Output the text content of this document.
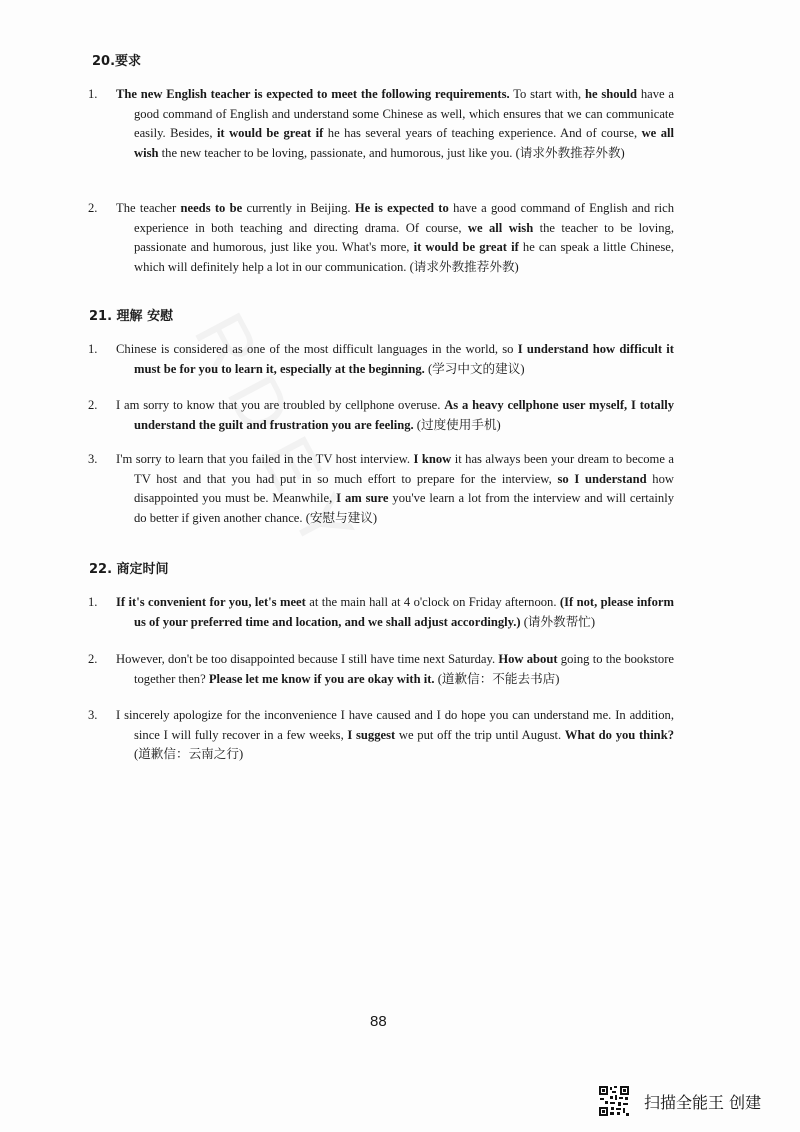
20.要求
1. The new English teacher is expected to meet the following requirements. To start with, he should have a good command of English and understand some Chinese as well, which ensures that we can communicate easily. Besides, it would be great if he has several years of teaching experience. And of course, we all wish the new teacher to be loving, passionate, and humorous, just like you. (请求外教推荐外教)
2. The teacher needs to be currently in Beijing. He is expected to have a good command of English and rich experience in both teaching and directing drama. Of course, we all wish the teacher to be loving, passionate and humorous, just like you. What's more, it would be great if he can speak a little Chinese, which will definitely help a lot in our communication. (请求外教推荐外教)
21. 理解 安慰
1. Chinese is considered as one of the most difficult languages in the world, so I understand how difficult it must be for you to learn it, especially at the beginning. (学习中文的建议)
2. I am sorry to know that you are troubled by cellphone overuse. As a heavy cellphone user myself, I totally understand the guilt and frustration you are feeling. (过度使用手机)
3. I'm sorry to learn that you failed in the TV host interview. I know it has always been your dream to become a TV host and that you had put in so much effort to prepare for the interview, so I understand how disappointed you must be. Meanwhile, I am sure you've learn a lot from the interview and will certainly do better if given another chance. (安慰与建议)
22. 商定时间
1. If it's convenient for you, let's meet at the main hall at 4 o'clock on Friday afternoon. (If not, please inform us of your preferred time and location, and we shall adjust accordingly.) (请外教帮忙)
2. However, don't be too disappointed because I still have time next Saturday. How about going to the bookstore together then? Please let me know if you are okay with it. (道歉信：不能去书店)
3. I sincerely apologize for the inconvenience I have caused and I do hope you can understand me. In addition, since I will fully recover in a few weeks, I suggest we put off the trip until August. What do you think?(道歉信：云南之行)
88
扫描全能王 创建
